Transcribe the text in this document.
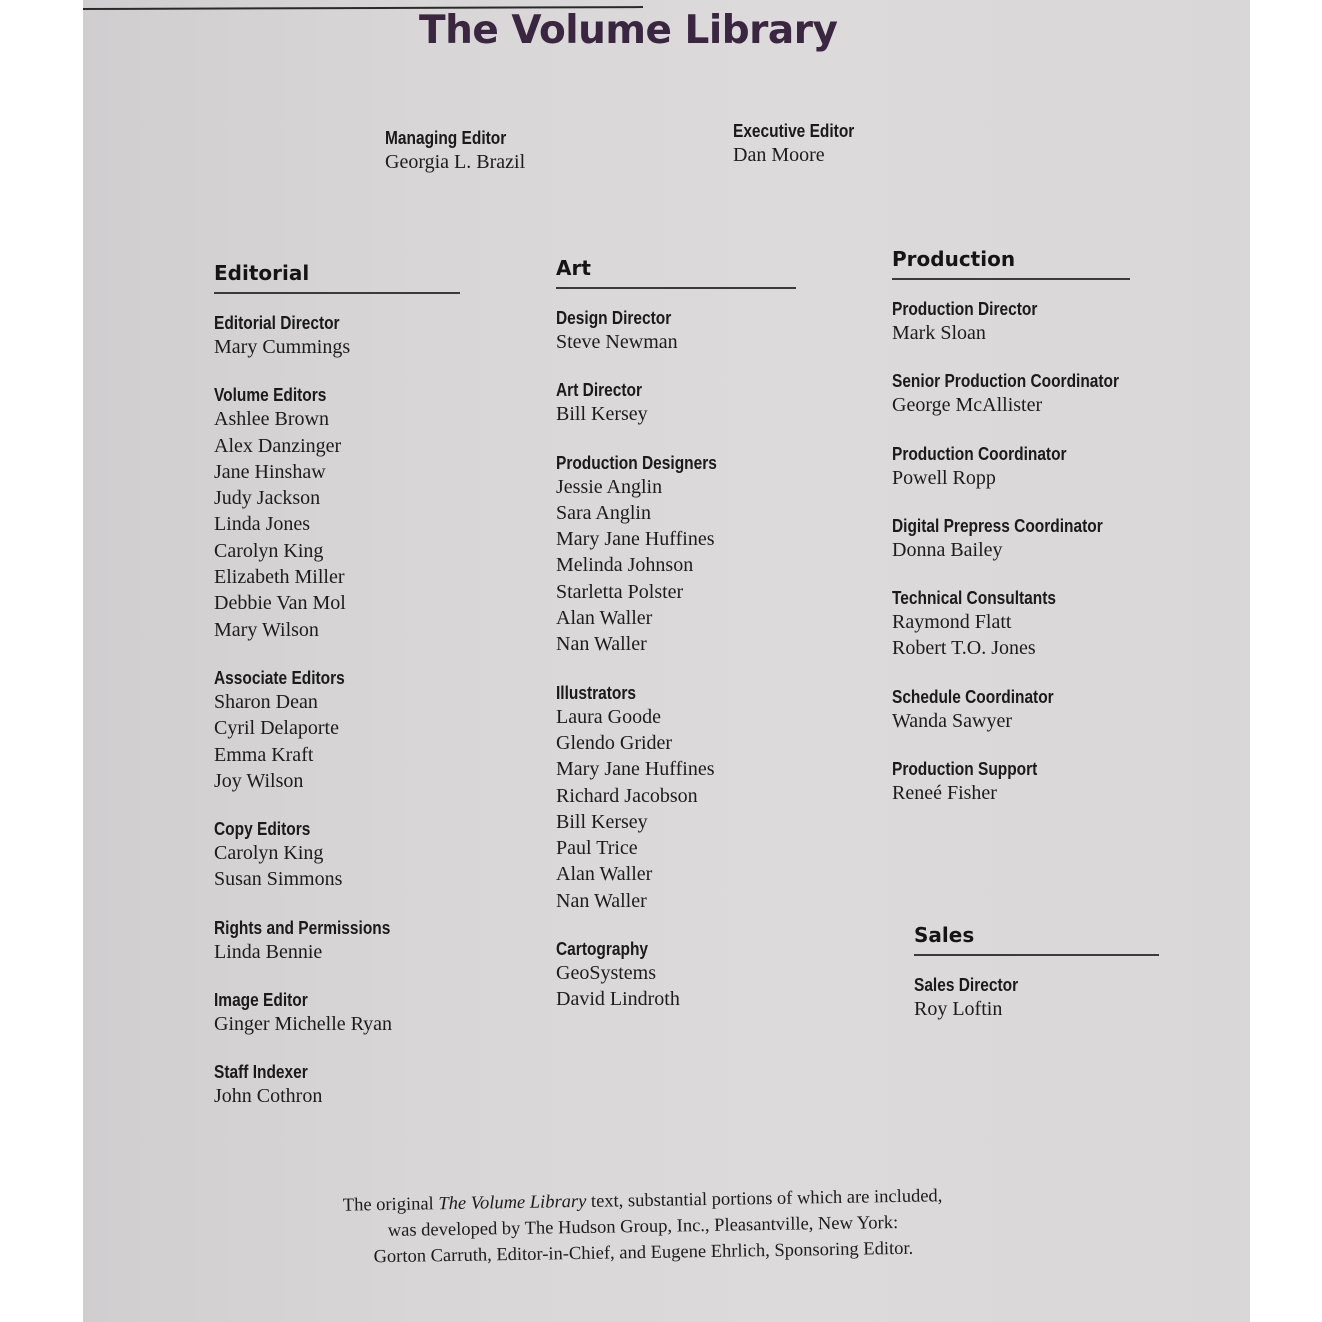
The Volume Library
Managing Editor
Georgia L. Brazil
Executive Editor
Dan Moore
Editorial
Editorial Director
Mary Cummings
Volume Editors
Ashlee Brown
Alex Danzinger
Jane Hinshaw
Judy Jackson
Linda Jones
Carolyn King
Elizabeth Miller
Debbie Van Mol
Mary Wilson
Associate Editors
Sharon Dean
Cyril Delaporte
Emma Kraft
Joy Wilson
Copy Editors
Carolyn King
Susan Simmons
Rights and Permissions
Linda Bennie
Image Editor
Ginger Michelle Ryan
Staff Indexer
John Cothron
Art
Design Director
Steve Newman
Art Director
Bill Kersey
Production Designers
Jessie Anglin
Sara Anglin
Mary Jane Huffines
Melinda Johnson
Starletta Polster
Alan Waller
Nan Waller
Illustrators
Laura Goode
Glendo Grider
Mary Jane Huffines
Richard Jacobson
Bill Kersey
Paul Trice
Alan Waller
Nan Waller
Cartography
GeoSystems
David Lindroth
Production
Production Director
Mark Sloan
Senior Production Coordinator
George McAllister
Production Coordinator
Powell Ropp
Digital Prepress Coordinator
Donna Bailey
Technical Consultants
Raymond Flatt
Robert T.O. Jones
Schedule Coordinator
Wanda Sawyer
Production Support
Reneé Fisher
Sales
Sales Director
Roy Loftin
The original The Volume Library text, substantial portions of which are included,
was developed by The Hudson Group, Inc., Pleasantville, New York:
Gorton Carruth, Editor-in-Chief, and Eugene Ehrlich, Sponsoring Editor.
